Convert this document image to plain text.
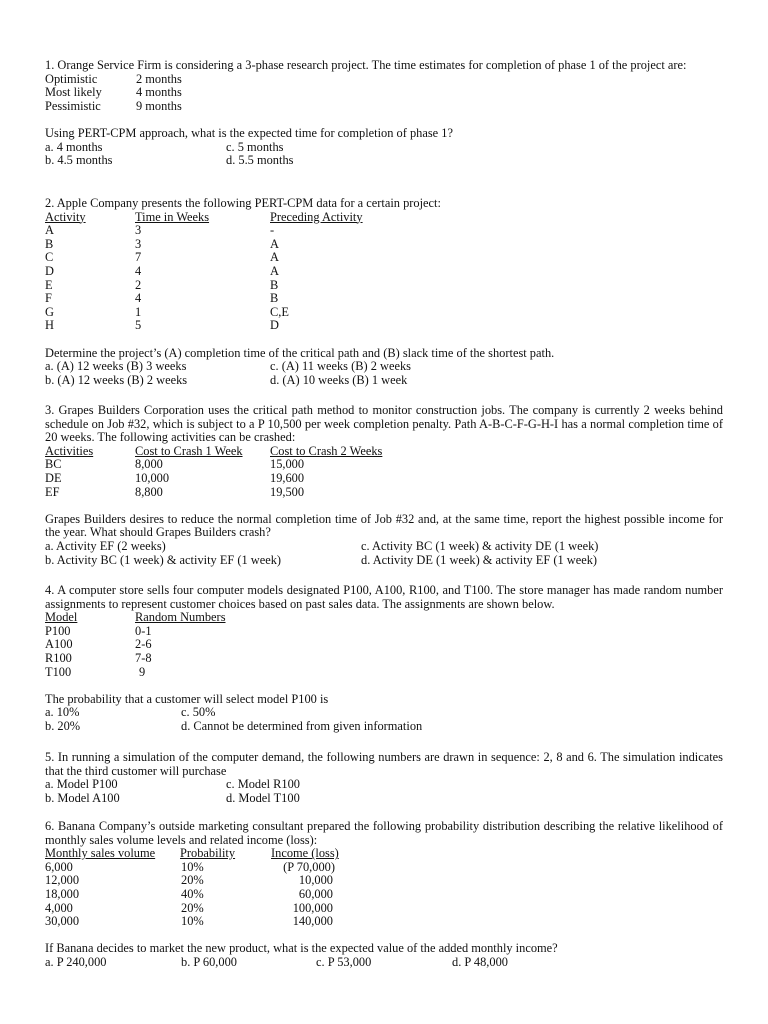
1. Orange Service Firm is considering a 3-phase research project. The time estimates for completion of phase 1 of the project are:
Optimistic	2 months
Most likely	4 months
Pessimistic	9 months
Using PERT-CPM approach, what is the expected time for completion of phase 1?
a. 4 months	c. 5 months
b. 4.5 months	d. 5.5 months
2. Apple Company presents the following PERT-CPM data for a certain project:
Activity	Time in Weeks	Preceding Activity
A	3	-
B	3	A
C	7	A
D	4	A
E	2	B
F	4	B
G	1	C,E
H	5	D
Determine the project’s (A) completion time of the critical path and (B) slack time of the shortest path.
a. (A) 12 weeks (B) 3 weeks	c. (A) 11 weeks (B) 2 weeks
b. (A) 12 weeks (B) 2 weeks	d. (A) 10 weeks (B) 1 week
3. Grapes Builders Corporation uses the critical path method to monitor construction jobs. The company is currently 2 weeks behind schedule on Job #32, which is subject to a P 10,500 per week completion penalty. Path A-B-C-F-G-H-I has a normal completion time of 20 weeks. The following activities can be crashed:
Activities	Cost to Crash 1 Week Cost to Crash 2 Weeks
BC	8,000	15,000
DE	10,000	19,600
EF	8,800	19,500
Grapes Builders desires to reduce the normal completion time of Job #32 and, at the same time, report the highest possible income for the year. What should Grapes Builders crash?
a. Activity EF (2 weeks)	c. Activity BC (1 week) & activity DE (1 week)
b. Activity BC (1 week) & activity EF (1 week)	d. Activity DE (1 week) & activity EF (1 week)
4. A computer store sells four computer models designated P100, A100, R100, and T100. The store manager has made random number assignments to represent customer choices based on past sales data. The assignments are shown below.
Model	Random Numbers
P100	0-1
A100	2-6
R100	7-8
T100	9
The probability that a customer will select model P100 is
a. 10%	c. 50%
b. 20%	d. Cannot be determined from given information
5. In running a simulation of the computer demand, the following numbers are drawn in sequence: 2, 8 and 6. The simulation indicates that the third customer will purchase
a. Model P100	c. Model R100
b. Model A100	d. Model T100
6. Banana Company’s outside marketing consultant prepared the following probability distribution describing the relative likelihood of monthly sales volume levels and related income (loss):
Monthly sales volume Probability	Income (loss)
6,000	10%	(P 70,000)
12,000	20%	10,000
18,000	40%	60,000
4,000	20%	100,000
30,000	10%	140,000
If Banana decides to market the new product, what is the expected value of the added monthly income?
a. P 240,000	b. P 60,000	c. P 53,000	d. P 48,000
